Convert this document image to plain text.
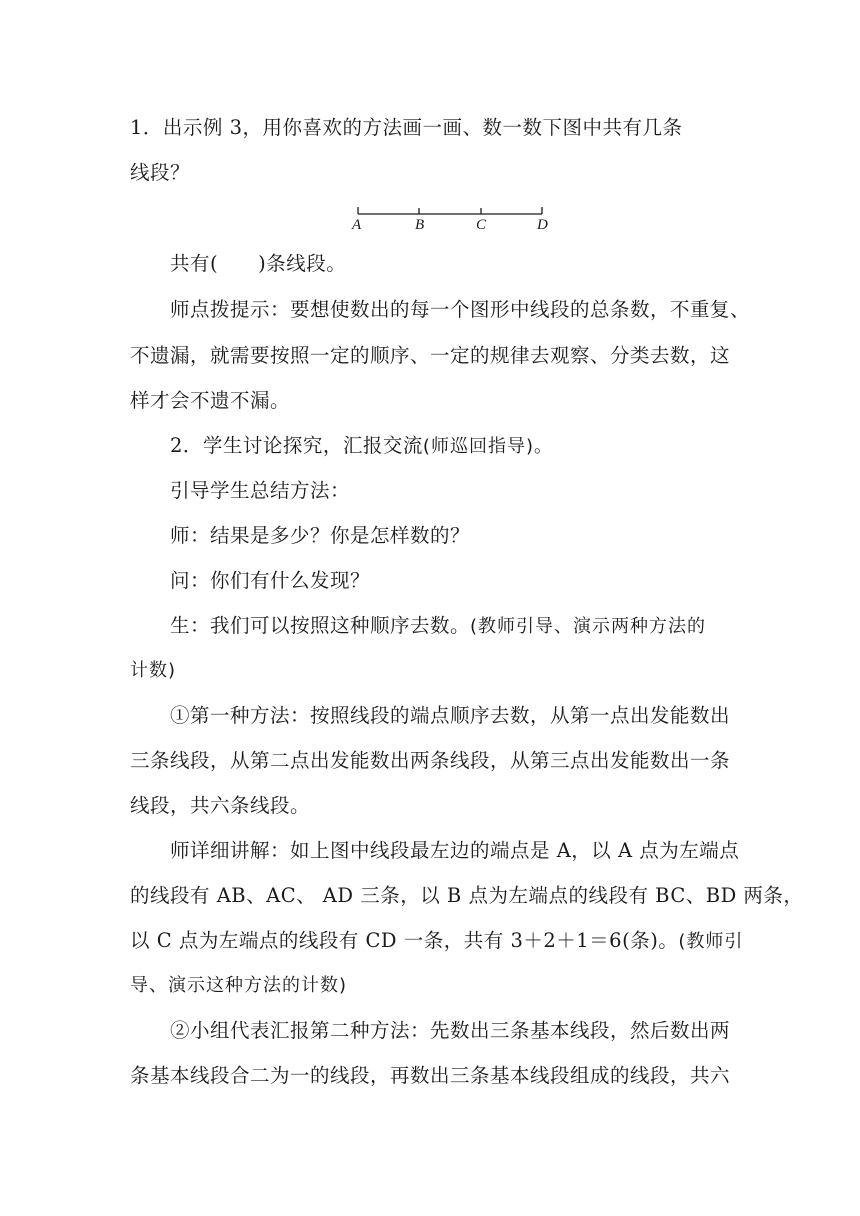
1．出示例 3，用你喜欢的方法画一画、数一数下图中共有几条
线段？
A	B	C	D
共有(　　)条线段。
师点拨提示：要想使数出的每一个图形中线段的总条数，不重复、
不遗漏，就需要按照一定的顺序、一定的规律去观察、分类去数，这
样才会不遗不漏。
2．学生讨论探究，汇报交流(师巡回指导)。
引导学生总结方法：
师：结果是多少？你是怎样数的？
问：你们有什么发现？
生：我们可以按照这种顺序去数。(教师引导、演示两种方法的
计数)
①第一种方法：按照线段的端点顺序去数，从第一点出发能数出
三条线段，从第二点出发能数出两条线段，从第三点出发能数出一条
线段，共六条线段。
师详细讲解：如上图中线段最左边的端点是 A，以 A 点为左端点
的线段有 AB、AC、 AD 三条，以 B 点为左端点的线段有 BC、BD 两条，
以 C 点为左端点的线段有 CD 一条，共有 3＋2＋1＝6(条)。(教师引
导、演示这种方法的计数)
②小组代表汇报第二种方法：先数出三条基本线段，然后数出两
条基本线段合二为一的线段，再数出三条基本线段组成的线段，共六
